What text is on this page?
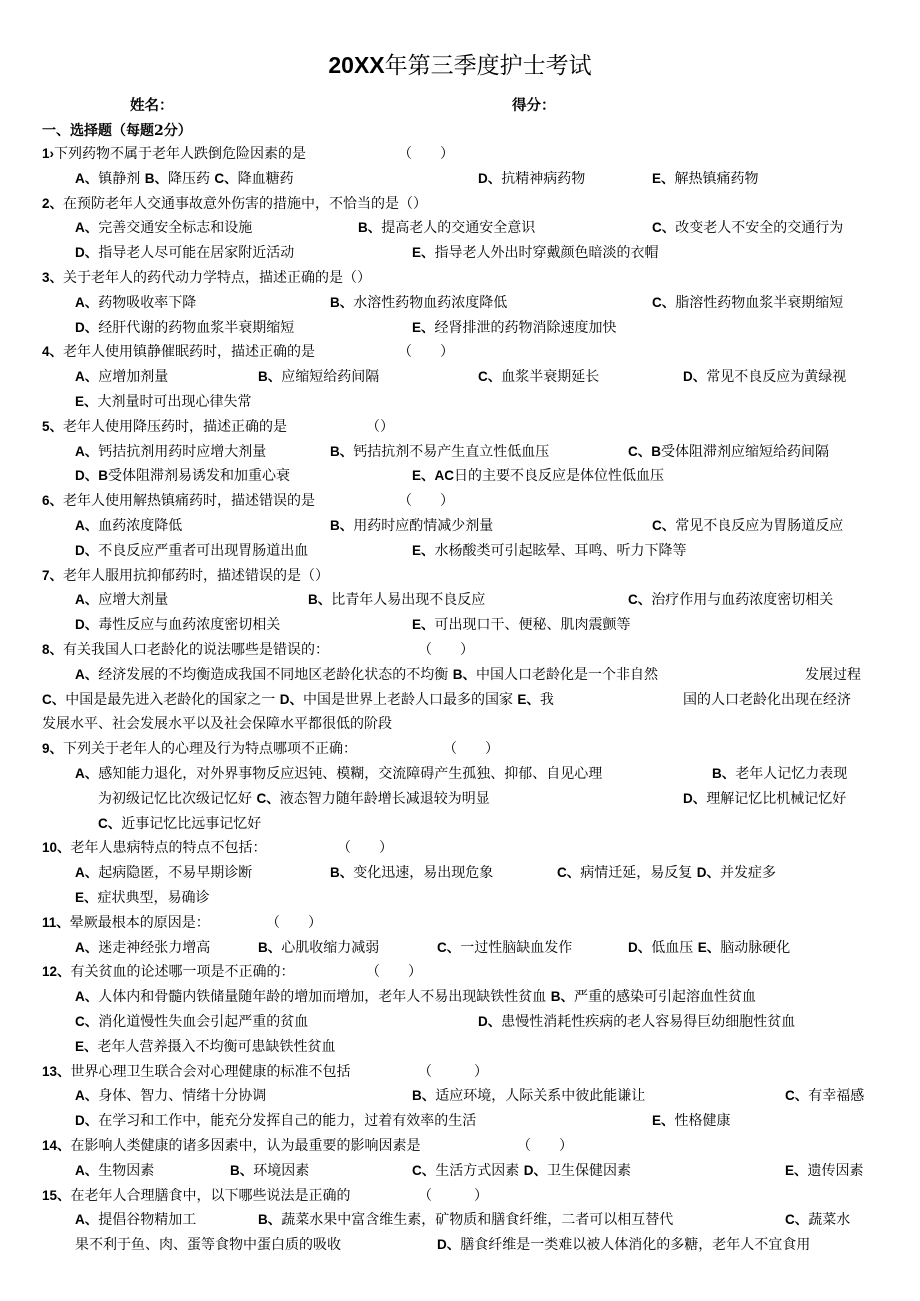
20XX年第三季度护士考试
姓名：	得分：
一、选择题（每题2分）
1›下列药物不属于老年人跌倒危险因素的是	（　　）
A、镇静剂 B、降压药 C、降血糖药	D、抗精神病药物	E、解热镇痛药物
2、在预防老年人交通事故意外伤害的措施中，不恰当的是（）
A、完善交通安全标志和设施	B、提高老人的交通安全意识	C、改变老人不安全的交通行为
D、指导老人尽可能在居家附近活动	E、指导老人外出时穿戴颜色暗淡的衣帽
3、关于老年人的药代动力学特点，描述正确的是（）
A、药物吸收率下降	B、水溶性药物血药浓度降低	C、脂溶性药物血浆半衰期缩短
D、经肝代谢的药物血浆半衰期缩短	E、经肾排泄的药物消除速度加快
4、老年人使用镇静催眠药时，描述正确的是	（　　）
A、应增加剂量	B、应缩短给药间隔	C、血浆半衰期延长	D、常见不良反应为黄绿视
E、大剂量时可出现心律失常
5、老年人使用降压药时，描述正确的是	（）
A、钙拮抗剂用药时应增大剂量	B、钙拮抗剂不易产生直立性低血压	C、B受体阻滞剂应缩短给药间隔
D、B受体阻滞剂易诱发和加重心衰	E、AC日的主要不良反应是体位性低血压
6、老年人使用解热镇痛药时，描述错误的是	（　　）
A、血药浓度降低	B、用药时应酌情减少剂量	C、常见不良反应为胃肠道反应
D、不良反应严重者可出现胃肠道出血	E、水杨酸类可引起眩晕、耳鸣、听力下降等
7、老年人服用抗抑郁药时，描述错误的是（）
A、应增大剂量	B、比青年人易出现不良反应	C、治疗作用与血药浓度密切相关
D、毒性反应与血药浓度密切相关	E、可出现口干、便秘、肌肉震颤等
8、有关我国人口老龄化的说法哪些是错误的：	（　　）
A、经济发展的不均衡造成我国不同地区老龄化状态的不均衡 B、中国人口老龄化是一个非自然	发展过程
C、中国是最先进入老龄化的国家之一 D、中国是世界上老龄人口最多的国家 E、我	国的人口老龄化出现在经济
发展水平、社会发展水平以及社会保障水平都很低的阶段
9、下列关于老年人的心理及行为特点哪项不正确：	（　　）
A、感知能力退化，对外界事物反应迟钝、模糊，交流障碍产生孤独、抑郁、自见心理	B、老年人记忆力表现
为初级记忆比次级记忆好 C、液态智力随年龄增长减退较为明显	D、理解记忆比机械记忆好
C、近事记忆比远事记忆好
10、老年人患病特点的特点不包括：	（　　）
A、起病隐匿，不易早期诊断	B、变化迅速，易出现危象	C、病情迁延，易反复 D、并发症多
E、症状典型，易确诊
11、晕厥最根本的原因是：	（　　）
A、迷走神经张力增高	B、心肌收缩力减弱	C、一过性脑缺血发作	D、低血压 E、脑动脉硬化
12、有关贫血的论述哪一项是不正确的：	（　　）
A、人体内和骨髓内铁储量随年龄的增加而增加，老年人不易出现缺铁性贫血 B、严重的感染可引起溶血性贫血
C、消化道慢性失血会引起严重的贫血	D、患慢性消耗性疾病的老人容易得巨幼细胞性贫血
E、老年人营养摄入不均衡可患缺铁性贫血
13、世界心理卫生联合会对心理健康的标准不包括	（　　　）
A、身体、智力、情绪十分协调	B、适应环境，人际关系中彼此能谦让	C、有幸福感
D、在学习和工作中，能充分发挥自己的能力，过着有效率的生活	E、性格健康
14、在影响人类健康的诸多因素中，认为最重要的影响因素是	（　　）
A、生物因素	B、环境因素	C、生活方式因素 D、卫生保健因素	E、遗传因素
15、在老年人合理膳食中，以下哪些说法是正确的	（　　　）
A、提倡谷物精加工	B、蔬菜水果中富含维生素，矿物质和膳食纤维，二者可以相互替代	C、蔬菜水
果不利于鱼、肉、蛋等食物中蛋白质的吸收	D、膳食纤维是一类难以被人体消化的多糖，老年人不宜食用
